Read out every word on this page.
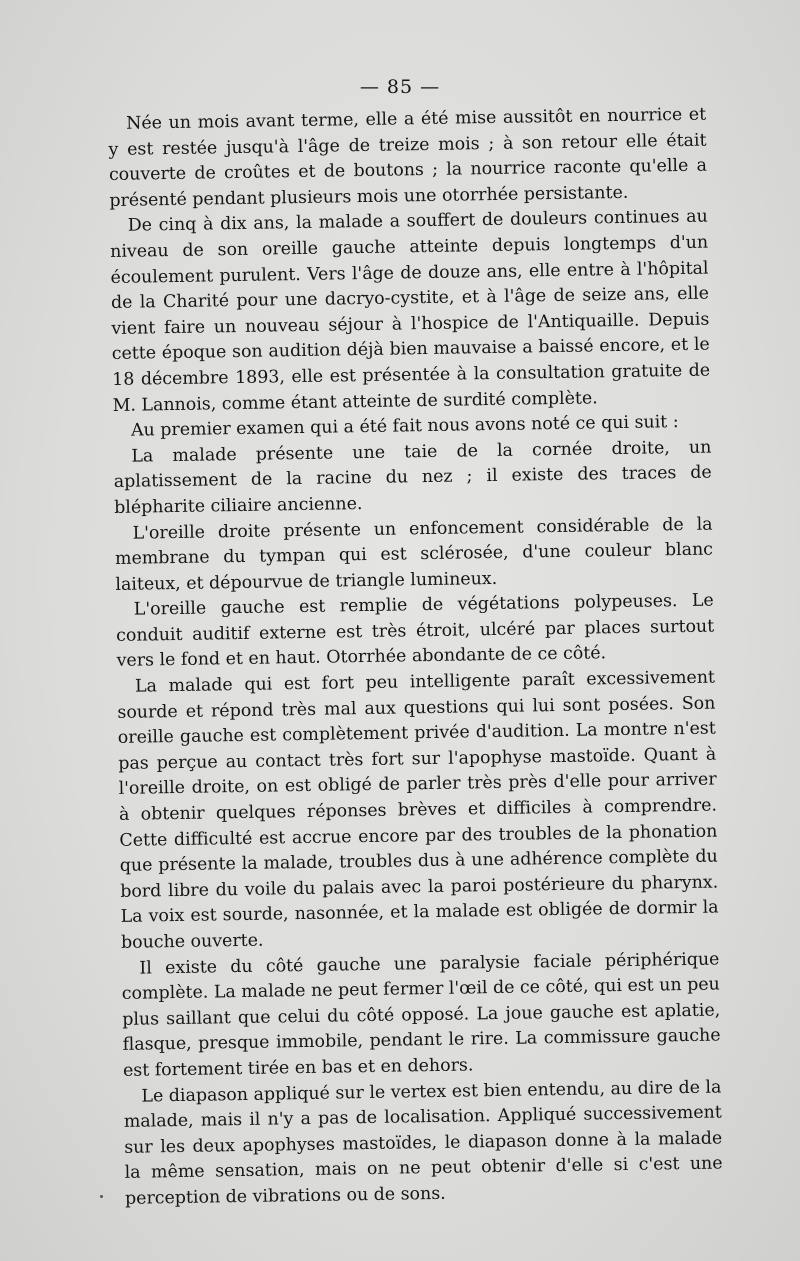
— 85 —

Née un mois avant terme, elle a été mise aussitôt en nourrice et y est restée jusqu'à l'âge de treize mois ; à son retour elle était couverte de croûtes et de boutons ; la nourrice raconte qu'elle a présenté pendant plusieurs mois une otorrhée persistante.

De cinq à dix ans, la malade a souffert de douleurs continues au niveau de son oreille gauche atteinte depuis longtemps d'un écoulement purulent. Vers l'âge de douze ans, elle entre à l'hôpital de la Charité pour une dacryo-cystite, et à l'âge de seize ans, elle vient faire un nouveau séjour à l'hospice de l'Antiquaille. Depuis cette époque son audition déjà bien mauvaise a baissé encore, et le 18 décembre 1893, elle est présentée à la consultation gratuite de M. Lannois, comme étant atteinte de surdité complète.

Au premier examen qui a été fait nous avons noté ce qui suit :

La malade présente une taie de la cornée droite, un aplatissement de la racine du nez ; il existe des traces de blépharite ciliaire ancienne.

L'oreille droite présente un enfoncement considérable de la membrane du tympan qui est sclérosée, d'une couleur blanc laiteux, et dépourvue de triangle lumineux.

L'oreille gauche est remplie de végétations polypeuses. Le conduit auditif externe est très étroit, ulcéré par places surtout vers le fond et en haut. Otorrhée abondante de ce côté.

La malade qui est fort peu intelligente paraît excessivement sourde et répond très mal aux questions qui lui sont posées. Son oreille gauche est complètement privée d'audition. La montre n'est pas perçue au contact très fort sur l'apophyse mastoïde. Quant à l'oreille droite, on est obligé de parler très près d'elle pour arriver à obtenir quelques réponses brèves et difficiles à comprendre. Cette difficulté est accrue encore par des troubles de la phonation que présente la malade, troubles dus à une adhérence complète du bord libre du voile du palais avec la paroi postérieure du pharynx. La voix est sourde, nasonnée, et la malade est obligée de dormir la bouche ouverte.

Il existe du côté gauche une paralysie faciale périphérique complète. La malade ne peut fermer l'œil de ce côté, qui est un peu plus saillant que celui du côté opposé. La joue gauche est aplatie, flasque, presque immobile, pendant le rire. La commissure gauche est fortement tirée en bas et en dehors.

Le diapason appliqué sur le vertex est bien entendu, au dire de la malade, mais il n'y a pas de localisation. Appliqué successivement sur les deux apophyses mastoïdes, le diapason donne à la malade la même sensation, mais on ne peut obtenir d'elle si c'est une perception de vibrations ou de sons.
